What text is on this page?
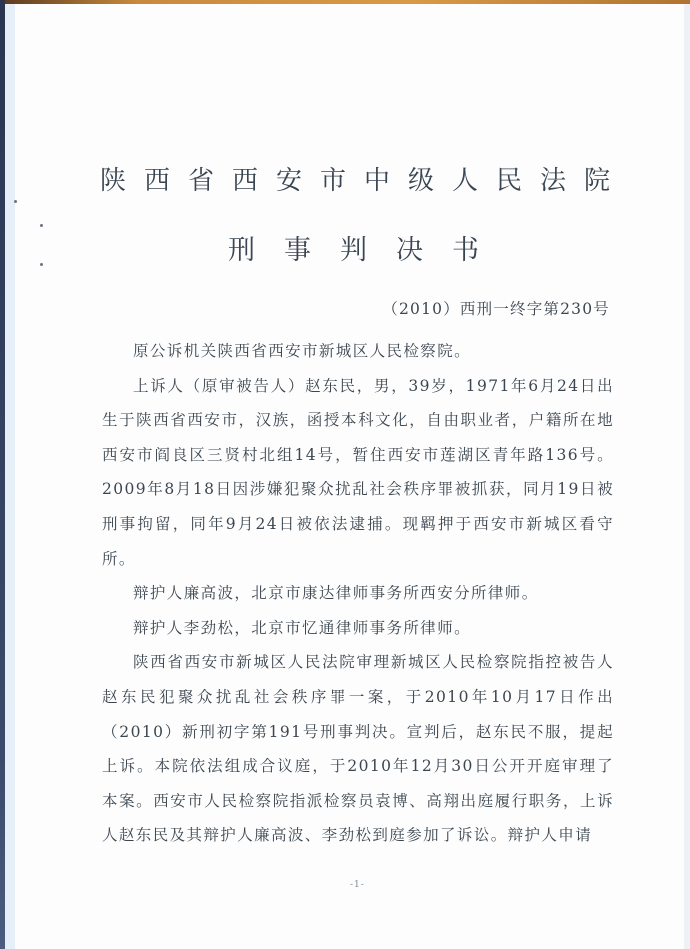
陕西省西安市中级人民法院
刑事判决书
（2010）西刑一终字第230号

原公诉机关陕西省西安市新城区人民检察院。

上诉人（原审被告人）赵东民，男，39岁，1971年6月24日出生于陕西省西安市，汉族，函授本科文化，自由职业者，户籍所在地西安市阎良区三贤村北组14号，暂住西安市莲湖区青年路136号。2009年8月18日因涉嫌犯聚众扰乱社会秩序罪被抓获，同月19日被刑事拘留，同年9月24日被依法逮捕。现羁押于西安市新城区看守所。

辩护人廉高波，北京市康达律师事务所西安分所律师。

辩护人李劲松，北京市忆通律师事务所律师。

陕西省西安市新城区人民法院审理新城区人民检察院指控被告人赵东民犯聚众扰乱社会秩序罪一案，于2010年10月17日作出（2010）新刑初字第191号刑事判决。宣判后，赵东民不服，提起上诉。本院依法组成合议庭，于2010年12月30日公开开庭审理了本案。西安市人民检察院指派检察员袁博、高翔出庭履行职务，上诉人赵东民及其辩护人廉高波、李劲松到庭参加了诉讼。辩护人申请

-1-
